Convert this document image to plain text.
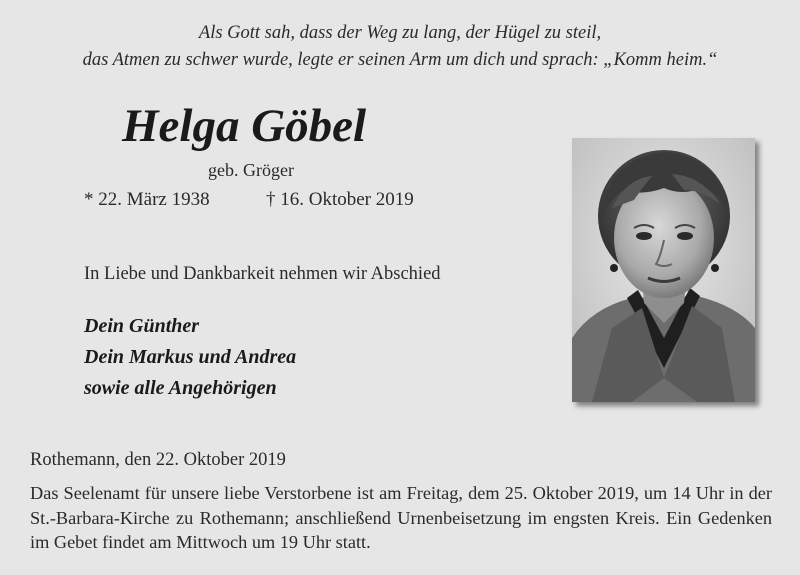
Als Gott sah, dass der Weg zu lang, der Hügel zu steil,
das Atmen zu schwer wurde, legte er seinen Arm um dich und sprach: „Komm heim.“
Helga Göbel
geb. Gröger
* 22. März 1938	† 16. Oktober 2019
In Liebe und Dankbarkeit nehmen wir Abschied
Dein Günther
Dein Markus und Andrea
sowie alle Angehörigen
Rothemann, den 22. Oktober 2019
Das Seelenamt für unsere liebe Verstorbene ist am Freitag, dem 25. Oktober 2019, um 14 Uhr in der St.-Barbara-Kirche zu Rothemann; anschließend Urnenbeisetzung im engsten Kreis. Ein Gedenken im Gebet findet am Mittwoch um 19 Uhr statt.
